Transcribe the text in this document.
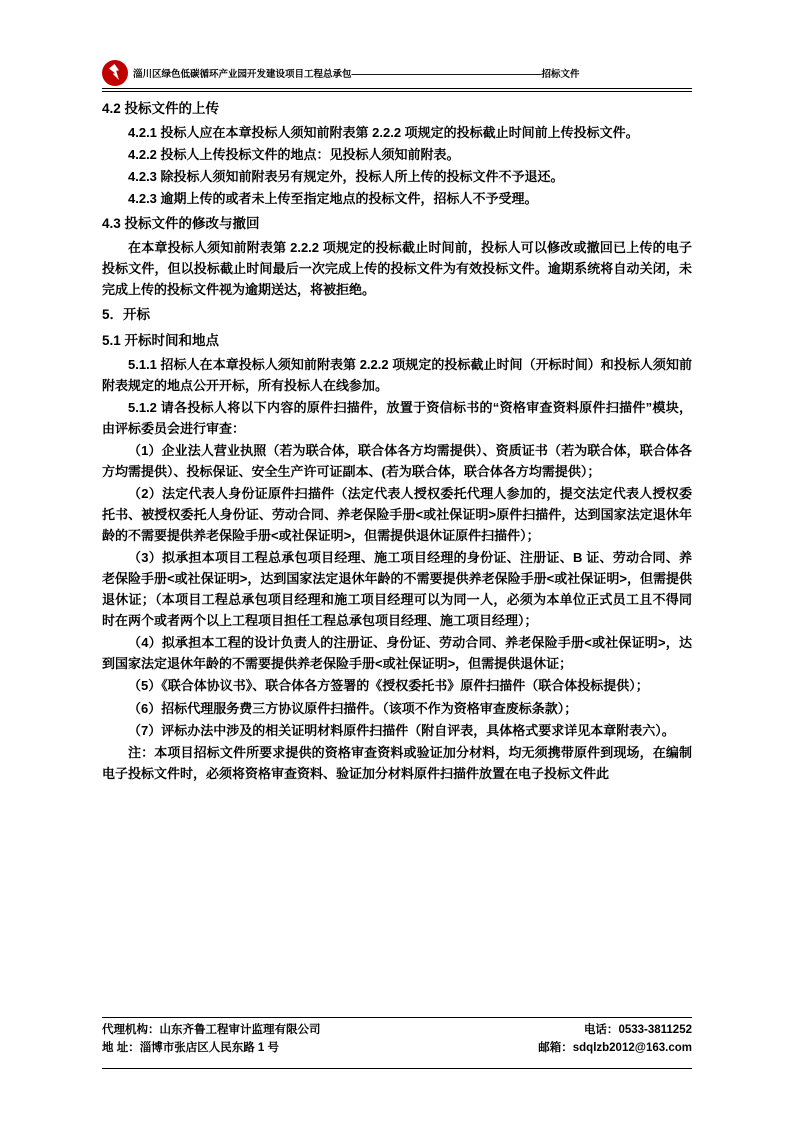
淄川区绿色低碳循环产业园开发建设项目工程总承包————————————————————招标文件

4.2 投标文件的上传

4.2.1 投标人应在本章投标人须知前附表第 2.2.2 项规定的投标截止时间前上传投标文件。

4.2.2 投标人上传投标文件的地点：见投标人须知前附表。

4.2.3 除投标人须知前附表另有规定外，投标人所上传的投标文件不予退还。

4.2.3 逾期上传的或者未上传至指定地点的投标文件，招标人不予受理。

4.3 投标文件的修改与撤回

在本章投标人须知前附表第 2.2.2 项规定的投标截止时间前，投标人可以修改或撤回已上传的电子投标文件，但以投标截止时间最后一次完成上传的投标文件为有效投标文件。逾期系统将自动关闭，未完成上传的投标文件视为逾期送达，将被拒绝。

5．开标

5.1 开标时间和地点

5.1.1 招标人在本章投标人须知前附表第 2.2.2 项规定的投标截止时间（开标时间）和投标人须知前附表规定的地点公开开标，所有投标人在线参加。

5.1.2 请各投标人将以下内容的原件扫描件，放置于资信标书的“资格审查资料原件扫描件”模块，由评标委员会进行审查：

（1）企业法人营业执照（若为联合体，联合体各方均需提供）、资质证书（若为联合体，联合体各方均需提供）、投标保证、安全生产许可证副本、(若为联合体，联合体各方均需提供）；

（2）法定代表人身份证原件扫描件（法定代表人授权委托代理人参加的，提交法定代表人授权委托书、被授权委托人身份证、劳动合同、养老保险手册<或社保证明>原件扫描件，达到国家法定退休年龄的不需要提供养老保险手册<或社保证明>，但需提供退休证原件扫描件）；

（3）拟承担本项目工程总承包项目经理、施工项目经理的身份证、注册证、B 证、劳动合同、养老保险手册<或社保证明>，达到国家法定退休年龄的不需要提供养老保险手册<或社保证明>，但需提供退休证；（本项目工程总承包项目经理和施工项目经理可以为同一人，必须为本单位正式员工且不得同时在两个或者两个以上工程项目担任工程总承包项目经理、施工项目经理）；

（4）拟承担本工程的设计负责人的注册证、身份证、劳动合同、养老保险手册<或社保证明>，达到国家法定退休年龄的不需要提供养老保险手册<或社保证明>，但需提供退休证；

（5）《联合体协议书》、联合体各方签署的《授权委托书》原件扫描件（联合体投标提供）；

（6）招标代理服务费三方协议原件扫描件。（该项不作为资格审查废标条款）；

（7）评标办法中涉及的相关证明材料原件扫描件（附自评表，具体格式要求详见本章附表六）。

注：本项目招标文件所要求提供的资格审查资料或验证加分材料，均无须携带原件到现场，在编制电子投标文件时，必须将资格审查资料、验证加分材料原件扫描件放置在电子投标文件此

代理机构：山东齐鲁工程审计监理有限公司	电话：0533-3811252
地 址：淄博市张店区人民东路 1 号	邮箱：sdqlzb2012@163.com
